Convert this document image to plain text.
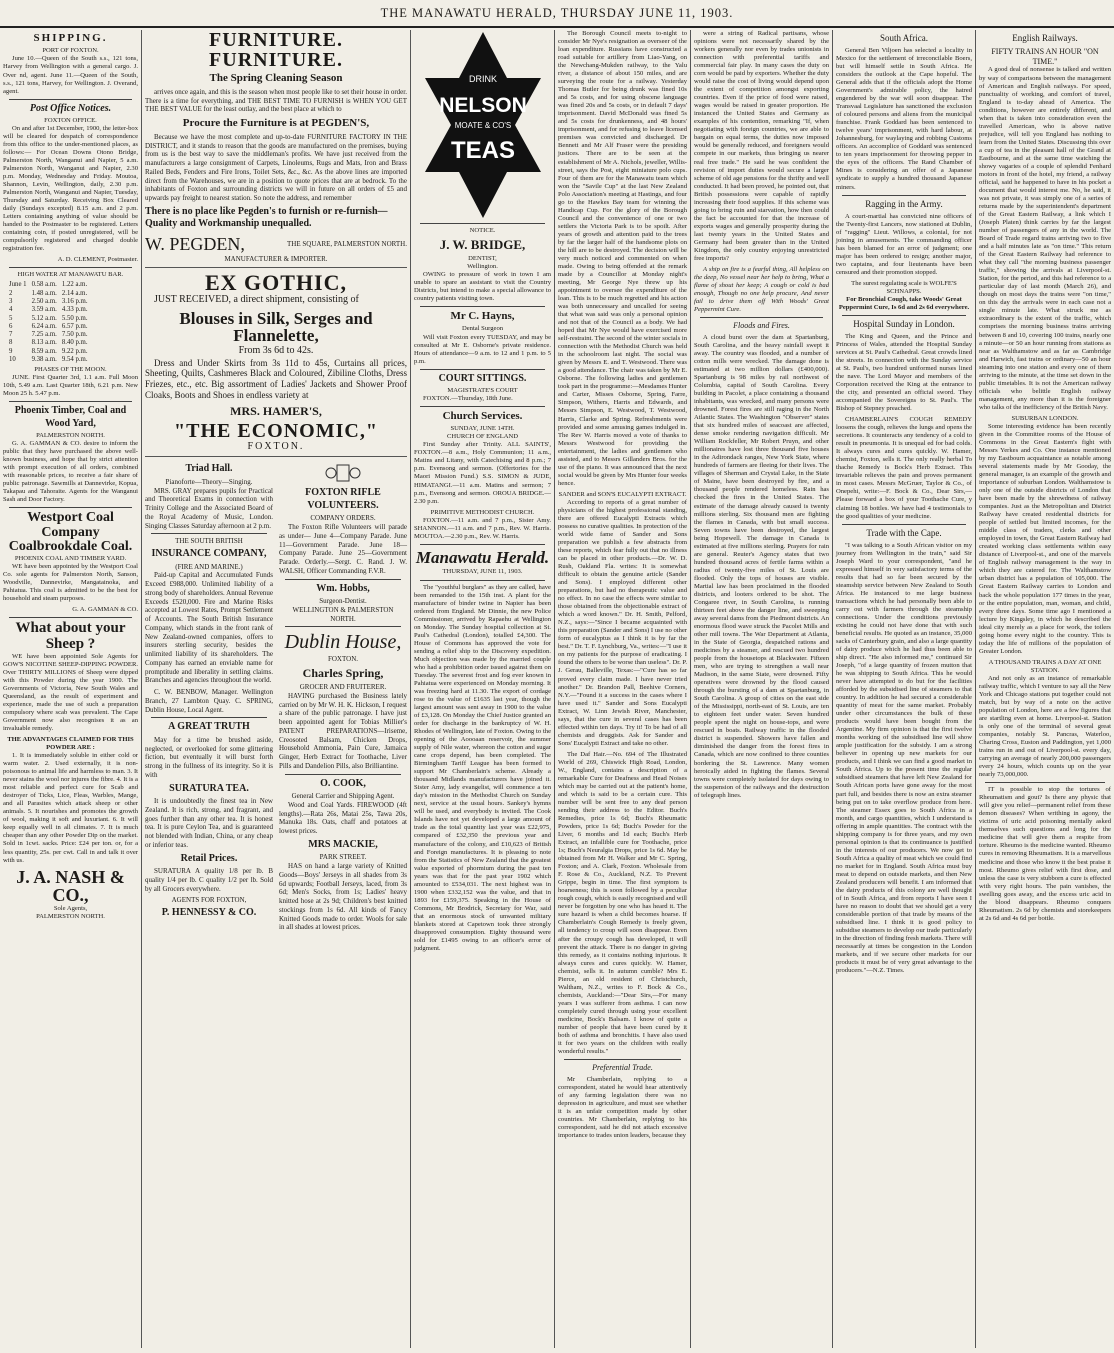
THE MANAWATU HERALD, THURSDAY JUNE 11, 1903.
SHIPPING.
PORT OF FOXTON.

June 10.—Queen of the South s.s., 121 tons, Harvey from Wellington with a general cargo. J. Over nd, agent. June 11.—Queen of the South, s.s., 121 tons, Harvey, for Wellington. J. Overand, agent.

Post Office Notices.
FOXTON OFFICE.

On and after 1st December, 1900, the letter-box will be cleared for despatch of correspondence from this office to the under-mentioned places, as follows:— For Ocean Downs Otono Bridge, Palmerston North, Wanganui and Napier, 5 a.m. Palmerston North, Wanganui and Napier, 2.30 p.m. Monday, Wednesday and Friday. Moutoa, Shannon, Levin, Wellington, daily, 2.30 p.m. Palmerston North, Wanganui and Napier, Tuesday, Thursday and Saturday. Receiving Box Cleared daily (Sundays excepted) 8.15 a.m. and 2 p.m. Letters containing anything of value should be handed to the Postmaster to be registered. Letters containing coin, if posted unregistered, will be compulsorily registered and charged double registration fee.

A. D. CLEMENT, Postmaster.
HIGH WATER AT MANAWATU BAR.
June 1	0.58 a.m.	1.22 a.m.
2	1.48 a.m.	2.14 a.m.
3	2.50 a.m.	3.16 p.m.
4	3.59 a.m.	4.33 p.m.
5	5.12 a.m.	5.50 p.m.
6	6.24 a.m.	6.57 p.m.
7	7.25 a.m.	7.50 p.m.
8	8.13 a.m.	8.40 p.m.
9	8.59 a.m.	9.22 p.m.
10	9.38 a.m.	9.54 p.m.
PHASES OF THE MOON.

JUNE. First Quarter 3rd, 1.1 a.m. Full Moon 10th, 5.49 a.m. Last Quarter 18th, 6.21 p.m. New Moon 25 h. 5.47 p.m.

Phoenix Timber, Coal and Wood Yard,
PALMERSTON NORTH.

G. A. GAMMAN & CO. desire to inform the public that they have purchased the above well-known business, and hope that by strict attention with prompt execution of all orders, combined with reasonable prices, to receive a fair share of public patronage. Sawmills at Dannevirke, Kopua, Takapau and Tahoraite. Agents for the Wanganui Sash and Door Factory.

Westport Coal Company
Coalbrookdale Coal.
PHOENIX COAL AND TIMBER YARD.

WE have been appointed by the Westport Coal Co. sole agents for Palmerston North, Sanson, Woodville, Dannevirke, Mangatainoka, and Pahiatua. This coal is admitted to be the best for household and steam purposes.

G. A. GAMMAN & CO.
What about your Sheep ?

WE have been appointed Sole Agents for GOW'S NICOTINE SHEEP-DIPPING POWDER. Over THIRTY MILLIONS of Sheep were dipped with this Powder during the year 1900. The Governments of Victoria, New South Wales and Queensland, as the result of experiment and experience, made the use of such a preparation compulsory where scab was prevalent. The Cape Government now also recognises it as an invaluable remedy.

THE ADVANTAGES CLAIMED FOR THIS POWDER ARE :

1. It is immediately soluble in either cold or warm water. 2. Used externally, it is non-poisonous to animal life and harmless to man. 3. It never stains the wool nor injures the fibre. 4. It is a most reliable and perfect cure for Scab and destroyer of Ticks, Lice, Fleas, Warbles, Mange, and all Parasites which attack sheep or other animals. 5. It nourishes and promotes the growth of wool, making it soft and luxuriant. 6. It will keep equally well in all climates. 7. It is much cheaper than any other Powder Dip on the market. Sold in 1cwt. sacks. Price: £24 per ton. or, for a less quantity, 25s. per cwt. Call in and talk it over with us.

J. A. NASH & CO.,
Sole Agents,
PALMERSTON NORTH.
FURNITURE. FURNITURE.
The Spring Cleaning Season

arrives once again, and this is the season when most people like to set their house in order. There is a time for everything, and THE BEST TIME TO FURNISH is WHEN YOU GET THE BEST VALUE for the least outlay, and the best place at which to

Procure the Furniture is at PEGDEN'S,

Because we have the most complete and up-to-date FURNITURE FACTORY IN THE DISTRICT, and it stands to reason that the goods are manufactured on the premises, buying from us is the best way to save the middleman's profits. We have just received from the manufacturers a large consignment of Carpets, Linoleums, Rugs and Mats, Iron and Brass Railed Beds, Fenders and Fire Irons, Toilet Sets, &c., &c. As the above lines are imported direct from the Warehouses, we are in a position to quote prices that are at bedrock. To the inhabitants of Foxton and surrounding districts we will in future on all orders of £5 and upwards pay freight to nearest station. So note the address, and remember

There is no place like Pegden's to furnish or re-furnish—Quality and Workmanship unequalled.
W. PEGDEN,	THE SQUARE, PALMERSTON NORTH.
MANUFACTURER & IMPORTER.
EX GOTHIC,

JUST RECEIVED, a direct shipment, consisting of

Blouses in Silk, Serges and Flannelette,
From 3s 6d to 42s.

Dress and Under Skirts from 3s 11d to 45s, Curtains all prices, Sheeting, Quilts, Cashmeres Black and Coloured, Zibiline Cloths, Dress Friezes, etc., etc. Big assortment of Ladies' Jackets and Shower Proof Cloaks, Boots and Shoes in endless variety at

MRS. HAMER'S,
"THE ECONOMIC,"
FOXTON.
Triad Hall.
Pianoforte—Theory—Singing.

MRS. GRAY prepares pupils for Practical and Theoretical Exams in connection with Trinity College and the Associated Board of the Royal Academy of Music, London. Singing Classes Saturday afternoon at 2 p.m.

THE SOUTH BRITISH
INSURANCE COMPANY,
(FIRE AND MARINE.)

Paid-up Capital and Accumulated Funds Exceed £988,000. Unlimited liability of a strong body of shareholders. Annual Revenue Exceeds £520,000. Fire and Marine Risks accepted at Lowest Rates, Prompt Settlement of Accounts. The South British Insurance Company, which stands in the front rank of New Zealand-owned companies, offers to insurers sterling security, besides the unlimited liability of its shareholders. The Company has earned an enviable name for promptitude and liberality in settling claims. Branches and agencies throughout the world.

C. W. BENBOW, Manager. Wellington Branch, 27 Lambton Quay. C. SPRING, Dublin House, Local Agent.

A GREAT TRUTH

May for a time be brushed aside, neglected, or overlooked for some glittering fiction, but eventually it will burst forth strong in the fullness of its integrity. So it is with

SURATURA TEA.

It is undoubtedly the finest tea in New Zealand. It is rich, strong, and fragrant, and goes further than any other tea. It is honest tea. It is pure Ceylon Tea, and is guaranteed not blended with Indian, China, or any cheap or inferior teas.

Retail Prices.

SURATURA A quality 1/8 per lb. B quality 1/4 per lb. C quality 1/2 per lb. Sold by all Grocers everywhere.

AGENTS FOR FOXTON,
P. HENNESSY & CO.
FOXTON RIFLE VOLUNTEERS.
COMPANY ORDERS.

The Foxton Rifle Volunteers will parade as under— June 4—Company Parade. June 11—Government Parade. June 18—Company Parade. June 25—Government Parade. Orderly.—Sergt. C. Rand. J. W. WALSH, Officer Commanding F.V.R.

Wm. Hobbs,
Surgeon-Dentist.
WELLINGTON & PALMERSTON NORTH.
Dublin House,
FOXTON.
Charles Spring,
GROCER AND FRUITERER.

HAVING purchased the Business lately carried on by Mr W. H. K. Hickson, I request a share of the public patronage. I have just been appointed agent for Tobias Millier's PATENT PREPARATIONS—Iriseme, Creosoted Balsam, Chicken Drops, Household Ammonia, Pain Cure, Jamaica Ginger, Herb Extract for Toothache, Liver Pills and Dandelion Pills, also Brilliantine.

O. COOK,
General Carrier and Shipping Agent.

Wood and Coal Yards. FIREWOOD (4ft lengths).—Rata 26s, Matai 25s, Tawa 20s, Manuka 18s. Oats, chaff and potatoes at lowest prices.

MRS MACKIE,
PARK STREET.

HAS on hand a large variety of Knitted Goods—Boys' Jerseys in all shades from 3s 6d upwards; Football Jerseys, laced, from 3s 6d; Men's Socks, from 1s; Ladies' heavy knitted hose at 2s 9d; Children's best knitted stockings from 1s 6d. All kinds of Fancy Knitted Goods made to order. Wools for sale in all shades at lowest prices.

DRINK
NELSON
MOATE & CO'S
TEAS
NOTICE.
J. W. BRIDGE,
DENTIST,
Wellington.

OWING to pressure of work in town I am unable to spare an assistant to visit the Country Districts, but intend to make a special allowance to country patients visiting town.

Mr C. Hayns,
Dental Surgeon

Will visit Foxton every TUESDAY, and may be consulted at Mr E. Osborne's private residence. Hours of attendance—9 a.m. to 12 and 1 p.m. to 5 p.m.

COURT SITTINGS.
MAGISTRATE'S COURT

FOXTON.—Thursday, 18th June.

Church Services.
SUNDAY, JUNE 14TH.
CHURCH OF ENGLAND

First Sunday after Trinity. ALL SAINTS', FOXTON.—8 a.m., Holy Communion; 11 a.m., Matins and Litany, with Catechising and 8 p.m.; 7 p.m. Evensong and sermon. (Offertories for the Maori Mission Fund.) S.S. SIMON & JUDE, HIMATANGI.—11 a.m. Matins and sermon; 7 p.m., Evensong and sermon. OROUA BRIDGE.—2.30 p.m.

PRIMITIVE METHODIST CHURCH.

FOXTON.—11 a.m. and 7 p.m., Sister Amy. SHANNON.—11 a.m. and 7 p.m., Rev. W. Harris. MOUTOA.—2.30 p.m., Rev. W. Harris.

Manawatu Herald.
THURSDAY, JUNE 11, 1903.

The "youthful burglars" as they are called, have been remanded to the 15th inst. A plant for the manufacture of binder twine in Napier has been ordered from England. Mr Dinnie, the new Police Commissioner, arrived by Rapaehu at Wellington on Monday. The Sunday hospital collection at St. Paul's Cathedral (London), totalled £4,300. The House of Commons has approved the vote for sending a relief ship to the Discovery expedition. Much objection was made by the married couple who had a prohibition order issued against them on Tuesday. The severest frost and fog ever known in Pahiatua were experienced on Monday morning. It was freezing hard at 11.30. The export of cordage rose to the value of £1635 last year, though the largest amount was sent away in 1900 to the value of £3,128. On Monday the Chief Justice granted an order for discharge in the bankruptcy of W. H. Rhodes of Wellington, late of Foxton. Owing to the opening of the Aoooaan reservoir, the summer supply of Nile water, whereon the cotton and sugar cane crops depend, has been completed. The Birmingham Tariff League has been formed to support Mr Chamberlain's scheme. Already a thousand Midlands manufacturers have joined it. Sister Amy, lady evangelist, will commence a ten day's mission in the Methodist Church on Sunday next, service at the usual hours. Sankey's hymns will be used, and everybody is invited. The Cook Islands have not yet developed a large amount of trade as the total quantity last year was £22,975, compared of £32,350 the previous year and manufacture of the colony, and £10,623 of British and Foreign manufactures. It is pleasing to note from the Statistics of New Zealand that the greatest value exported of phormium during the past ten years was that for the past year 1902 which amounted to £534,031. The next highest was in 1900 when £332,152 was the value, and that in 1893 for £159,375. Speaking in the House of Commons, Mr Brodrick, Secretary for War, said that an enormous stock of unwanted military blankets stored at Capetown took three strongly disapproved consumption. Eighty thousand were sold for £1495 owing to an officer's error of judgment.

The Borough Council meets to-night to consider Mr Nye's resignation as overseer of the loan expenditure. Russians have constructed a road suitable for artillery from Liao-Yang, on the Newchang-Mukden railway, to the Yalu river, a distance of about 150 miles, and are surveying the route for a railway. Yesterday Thomas Butler for being drunk was fined 10s and 5s costs, and for using obscene language was fined 20s and 5s costs, or in default 7 days' imprisonment. David McDonald was fined 5s and 5s costs for drunkenness, and 48 hours' imprisonment, and for refusing to leave licensed premises was convicted and discharged. Dr Bennett and Mr Alf Fraser were the presiding justices. There are to be seen at the establishment of Mr A. Nichols, jeweller, Willis-street, says the Post, eight miniature polo cups. Four of them are for the Manawatu team which won the "Savile Cup" at the last New Zealand Polo Association's meeting at Hastings, and four go to the Hawkes Bay team for winning the Handicap Cup. For the glory of the Borough Council and the convenience of one or two settlers the Victoria Park is to be spoilt. After years of growth and attention paid to the trees by far the larger half of the handsome plots on the hill are to be destroyed. The decision will be very much noticed and commented on when made. Owing to being offended at the remark made by a Councillor at Monday night's meeting, Mr George Nye threw up his appointment to oversee the expenditure of the loan. This is to be much regretted and his action was both unnecessary and uncalled for seeing that what was said was only a personal opinion and not that of the Council as a body. We had hoped that Mr Nye would have exercised more self-restraint. The second of the winter socials in connection with the Methodist Church was held in the schoolroom last night. The social was given by Messrs E. and T. Westwood. There was a good attendance. The chair was taken by Mr E. Osborne. The following ladies and gentlemen took part in the programme:—Mesdames Hunter and Carter, Misses Osborne, Spring, Farre, Simpson, Withers, Harris and Edwards, and Messrs Simpson, E. Westwood, T. Westwood, Harris, Clarke and Spring. Refreshments were provided and some amusing games indulged in. The Rev W. Harris moved a vote of thanks to Messrs Westwood for providing the entertainment, the ladies and gentlemen who assisted, and to Messrs Gillanders Bros. for the use of the piano. It was announced that the next social would be given by Mrs Hunter four weeks hence.

SANDER and SON'S EUCALYPTI EXTRACT.

According to reports of a great number of physicians of the highest professional standing, there are offered Eucalypti Extracts which possess no curative qualities. In protection of the world wide fame of Sander and Sons preparation we publish a few abstracts from these reports, which fear fully out that no illness can be placed in other products.—Dr. W. D. Rush, Oakland Fla. writes: It is somewhat difficult to obtain the genuine article (Sander and Sons). I employed different other preparations, but had no therapeutic value and no effect. In no case the effects were similar to those obtained from the objectionable extract of which a word known." Dr. H. Smith, Pelford, N.Z., says:—"Since I became acquainted with this preparation (Sander and Sons) I use no other form of eucalyptus as I think it is by far the best." Dr. T. F. Lynchburg, Va., writes:—"I use it on my patients for the purpose of eradicating. I found the others to be worse than useless". Dr. P. J. Gerau, Balleville, Texas:—"Cure has so far proved every claim made. I have never tried another." Dr. Brandon Pall, Beehive Corners, N.Y.—"Found it a success in the cases where I have used it." Sander and Sons Eucalypti Extract, W. Linn Jewish River, Manchester, says, that the cure in several cases has been effected within ten days. Try it! To be had of all chemists and druggists. Ask for Sander and Sons' Eucalypti Extract and take no other.

The Daf Hair.—No. 694 of The Illustrated World of 269, Chiswick High Road, London, W., England, contains a description of a remarkable Cure for Deafness and Head Noises which may be carried out at the patient's home, and which is said to be a certain cure. This number will be sent free to any deaf person sending their address to the Editor. Buch's Remedies, price 1s 6d; Buch's Rheumatic Powders, price 1s 6d; Buch's Powder for the Liver, 6 months and 1d each; Buch's Herb Extract, an infallible cure for Toothache, price 1s; Buch's Neuralgia Drops, price 1s 6d. May be obtained from Mr H. Walker and Mr C. Spring, Foxton; and A. Clark, Foxton. Wholesale from F. Rose & Co., Auckland, N.Z. To Prevent Grippe, begin in time. The first symptom is hoarseness; this is soon followed by a peculiar rough cough, which is easily recognised and will never be forgotten by one who has heard it. The sure hazard is when a child becomes hoarse. If Chamberlain's Cough Remedy is freely given, all tendency to croup will soon disappear. Even after the croupy cough has developed, it will prevent the attack. There is no danger in giving this remedy, as it contains nothing injurious. It always cures and cures quickly. W. Hamer, chemist, sells it. In autumn cumble? Mrs E. Pierce, an old resident of Christchurch, Waltham, N.Z., writes to F. Bock & Co., chemists, Auckland:—"Dear Sirs,—For many years I was sufferer from asthma. I can now completely cured through using your excellent medicine, Bock's Balsam. I know of quite a number of people that have been cured by it both of asthma and bronchitis. I have also used it for two years on the children with really wonderful results."

Preferential Trade.

Mr Chamberlain, replying to a correspondent, stated he would hear attentively of any farming legislation there was no depression in agriculture, and must see whether it is an unfair competition made by other countries. Mr Chamberlain, replying to his correspondent, said he did not attach excessive importance to trades union leaders, because they

were a string of Radical partisans, whose opinions were not necessarily shared by the workers generally nor even by trades unionists in connection with preferential tariffs and commercial fair play. In many cases the duty on corn would be paid by exporters. Whether the duty would raise the cost of living would depend upon the extent of competition amongst exporting countries. Even if the price of food were raised, wages would be raised in greater proportion. He instanced the United States and Germany as examples of his contention, remarking "If, when negotiating with foreign countries, we are able to bargain on equal terms, the duties now imposed would be generally reduced, and foreigners would compete in our markets, thus bringing us nearer real free trade." He said he was confident the revision of import duties would secure a larger scheme of old age pensions for the thrifty and well conducted. It had been proved, he pointed out, that British possessions were capable of rapidly increasing their food supplies. If this scheme was going to bring ruin and starvation, how then could the fact be accounted for that the increase of exports wages and generally prosperity during the last twenty years in the United States and Germany had been greater than in the United Kingdom, the only country enjoying unrestricted free imports?

A ship on fire is a fearful thing, All helpless on the deep, No vessel near her help to bring, What a flame of shout her keep; A cough or cold is bad enough, Though no one help procure, And never fail to drive them off With Woods' Great Peppermint Cure.

Floods and Fires.

A cloud burst over the dam at Spartanburg, South Carolina, and the heavy rainfall swept it away. The country was flooded, and a number of cotton mills were wrecked. The damage done is estimated at two million dollars (£400,000). Spartanburg is 98 miles by rail northwest of Columbia, capital of South Carolina. Every building in Pacolet, a place containing a thousand inhabitants, was wrecked, and many persons were drowned. Forest fires are still raging in the North Atlantic States. The Washington "Observer" states that six hundred miles of seacoast are affected, dense smoke rendering navigation difficult. Mr William Rockfeller, Mr Robert Pruyn, and other millionaires have lost three thousand five houses in the Adirondack ranges, New York State, where hundreds of farmers are fleeing for their lives. The villages of Sherman and Crystal Lake, in the State of Maine, have been destroyed by fire, and a thousand people rendered homeless. Rain has checked the fires in the United States. The estimate of the damage already caused is twenty millions sterling. Six thousand men are fighting the flames in Canada, with but small success. Seven towns have been destroyed, the largest being Hopewell. The damage in Canada is estimated at five millions sterling. Prayers for rain are general. Reuter's Agency states that two hundred thousand acres of fertile farms within a radius of twenty-five miles of St. Louis are flooded. Only the tops of houses are visible. Martial law has been proclaimed in the flooded districts, and looters ordered to be shot. The Congaree river, in South Carolina, is running thirteen feet above the danger line, and sweeping away several dams from the Piedmont districts. An enormous flood wave struck the Pacolet Mills and other mill towns. The War Department at Atlanta, in the State of Georgia, despatched rations and medicines by a steamer, and rescued two hundred people from the housetops at Blackwater. Fifteen men, who are trying to strengthen a wall near Madison, in the same State, were drowned. Fifty operatives were drowned by the flood caused through the bursting of a dam at Spartanburg, in South Carolina. A group of cities on the east side of the Mississippi, north-east of St. Louis, are ten to eighteen feet under water. Seven hundred people spent the night on house-tops, and were rescued in boats. Railway traffic in the flooded district is suspended. Showers have fallen and diminished the danger from the forest fires in Canada, which are now confined to three counties bordering the St. Lawrence. Many women heroically aided in fighting the flames. Several towns were completely isolated for days owing to the suspension of the railways and the destruction of telegraph lines.

South Africa.

General Ben Viljoen has selected a locality in Mexico for the settlement of irreconcilable Boers, but will himself settle in South Africa. He considers the outlook at the Cape hopeful. The General adds that if the officials adopt the Home Government's admirable policy, the hatred engendered by the war will soon disappear. The Transvaal Legislature has sanctioned the exclusion of coloured persons and aliens from the municipal franchise. Frank Goddard has been sentenced to twelve years' imprisonment, with hard labour, at Johannesburg, for waylaying and robbing Customs officers. An accomplice of Goddard was sentenced to ten years imprisonment for throwing pepper in the eyes of the officers. The Rand Chamber of Mines is considering an offer of a Japanese syndicate to supply a hundred thousand Japanese miners.

Ragging in the Army.

A court-martial has convicted nine officers of the Twenty-first Lancers, now stationed at Dublin, of "ragging" Lieut. Willows, a colonial, for not joining in amusements. The commanding officer has been blamed for an error of judgment; one major has been ordered to resign; another major, two captains, and four lieutenants have been censured and their promotion stopped.

The surest regulating scale is WOLFE'S SCHNAPPS.
For Bronchial Cough, take Woods' Great Peppermint Cure, Is 6d and 2s 6d everywhere.
Hospital Sunday in London.

The King and Queen, and the Prince and Princess of Wales, attended the Hospital Sunday services at St. Paul's Cathedral. Great crowds lined the streets. In connection with the Sunday service at St. Paul's, two hundred uniformed nurses lined the nave. The Lord Mayor and members of the Corporation received the King at the entrance to the city, and presented an official sword. They accompanied the Sovereigns to St. Paul's. The Bishop of Stepney preached.

CHAMBERLAIN'S COUGH REMEDY loosens the cough, relieves the lungs and opens the secretions. It counteracts any tendency of a cold to result in pneumonia. It is unequal ed for bad colds. It always cures and cures quickly. W. Hamer, chemist, Foxton, sells it. The only really herbal To thache Remedy is Bock's Herb Extract. This invariable relieves the pain and proves permanent in most cases. Messrs McGruer, Taylor & Co., of Onepehi, write:—F. Bock & Co., Dear Sirs,—Please forward a box of your Toothache Cure, y claiming 18 bottles. We have had 4 testimonials to the good qualities of your medicine.

Trade with the Cape.

"I was talking to a South African visitor on my journey from Wellington in the train," said Sir Joseph Ward to your correspondent, "and he expressed himself in very satisfactory terms of the results that had so far been secured by the steamship service between New Zealand to South Africa. He instanced to me large business transactions which he had personally been able to carry out with farmers through the steamship connections. Under the conditions previously existing he could not have done that with such beneficial results. He quoted as an instance, 35,000 sacks of Canterbury grain, and also a large quantity of dairy produce which he had thus been able to ship direct. "He also informed me," continued Sir Joseph, "of a large quantity of frozen mutton that he was shipping to South Africa. This he would never have attempted to do but for the facilities afforded by the subsidised line of steamers to that country. In addition he had secured a considerable quantity of meat for the same market. Probably under other circumstances the bulk of these products would have been bought from the Argentine. My firm opinion is that the first twelve months working of the subsidised line will show ample justification for the subsidy. I am a strong believer in opening up new markets for our products, and I think we can find a good market in South Africa. Up to the present time the regular subsidised steamers that have left New Zealand for South African ports have gone away for the most part full, and besides there is now an extra steamer being put on to take overflow produce from here. The steamer Essex goes to South Africa in a month, and cargo quantities, which I understand is offering in ample quantities. The contract with the shipping company is for three years, and my own personal opinion is that its continuance is justified in the interests of our producers. We now get to South Africa a quality of meat which we could find no market for in England. South Africa must buy meat to depend on outside markets, and then New Zealand producers will benefit. I am informed that the dairy products of this colony are well thought of in South Africa, and from reports I have seen I have no reason to doubt that we should get a very considerable portion of that trade by means of the subsidised line. I think it is good policy to subsidise steamers to develop our trade particularly in the direction of finding fresh markets. There will necessarily at times be congestion in the London markets, and if we secure other markets for our products it must be of very great advantage to the producers."—N.Z. Times.

English Railways.
FIFTY TRAINS AN HOUR "ON TIME."

A good deal of nonsense is talked and written by way of comparisons between the management of American and English railways. For speed, punctuality of working, and comfort of travel, England is to-day ahead of America. The conditions, however are entirely different, and when that is taken into consideration even the travelled American, who is above native prejudice, will tell you England has nothing to learn from the United States. Discussing this over a cup of tea in the pleasant hall of the Grand at Eastbourne, and at the same time watching the showy vagaries of a couple of splendid Fenhard motors in front of the hotel, my friend, a railway official, said he happened to have in his pocket a document that would interest me. No, he said, it was not private, it was simply one of a series of returns made by the superintendent's department of the Great Eastern Railway, a link which I (Joseph Platen) think carries by far the largest number of passengers of any in the world. The Board of Trade regard trains arriving two to five and a half minutes late as "on time." This return of the Great Eastern Railway had reference to what they call "the morning business passenger traffic," showing the arrivals at Liverpool-st. Station, for the period, and this had reference to a particular day of last month (March 26), and though on most days the trains were "on time," on this day the arrivals were in each case not a single minute late. What struck me as extraordinary is the extent of the traffic, which comprises the morning business trains arriving between 8 and 10, covering 100 trains, nearly one a minute—or 50 an hour running from stations as near as Walthamstow and as far as Cambridge and Harwich, fast trains or ordinary—50 an hour steaming into one station and every one of them arriving to the minute, at the time set down in the public timetables. It is not the American railway officials who belittle English railway management, any more than it is the foreigner who talks of the inefficiency of the British Navy.

SUBURBAN LONDON.

Some interesting evidence has been recently given in the Committee rooms of the House of Commons in the Great Eastern's fight with Messrs Yerkes and Co. One instance mentioned by my Eastbourn acquaintance as notable among several statements made by Mr Gooday, the general manager, is an example of the growth and importance of suburban London. Walthamstow is only one of the outside districts of London that have been made by the shrewdness of railway companies. Just as the Metropolitan and District Railway have created residential districts for people of settled but limited incomes, for the middle class of traders, clerks and other employed in town, the Great Eastern Railway had created working class settlements within easy distance of Liverpool-st., and one of the marvels of English railway management is the way in which they are catered for. The Walthamstow urban district has a population of 105,000. The Great Eastern Railway carries to London and back the whole population 177 times in the year, or the entire population, man, woman, and child, every three days. Some time ago I mentioned a lecture by Kingsley, in which he described the ideal city merely as a place for work, the toilers going home every night to the country. This is today the life of millions of the population of Greater London.

A THOUSAND TRAINS A DAY AT ONE STATION.

And not only as an instance of remarkable railway traffic, which I venture to say all the New York and Chicago stations put together could not match, but by way of a note on the active population of London, here are a few figures that are startling even at home. Liverpool-st. Station is only one of the terminal of several great companies, notably St. Pancras, Waterloo, Charing Cross, Euston and Paddington, yet 1,000 trains run in and out of Liverpool-st. every day, carrying an average of nearly 200,000 passengers every 24 hours, which counts up on the year nearly 73,000,000.

IT is possible to stop the tortures of Rheumatism and gout? Is there any physic that will give you relief—permanent relief from these demon diseases? When writhing in agony, the victims of uric acid poisoning mentally asked themselves such questions and long for the medicine that will give them a respite from torture. Rheumo is the medicine wanted. Rheumo cures in removing Rheumatism. It is a marvellous medicine and those who know it the best praise it most. Rheumo gives relief with first dose, and unless the case is very stubborn a cure is effected with very right hours. The pain vanishes, the swelling goes away, and the excess uric acid in the blood disappears. Rheumo conquers Rheumatism. 2s 6d by chemists and storekeepers at 2s 6d and 4s 6d per bottle.
